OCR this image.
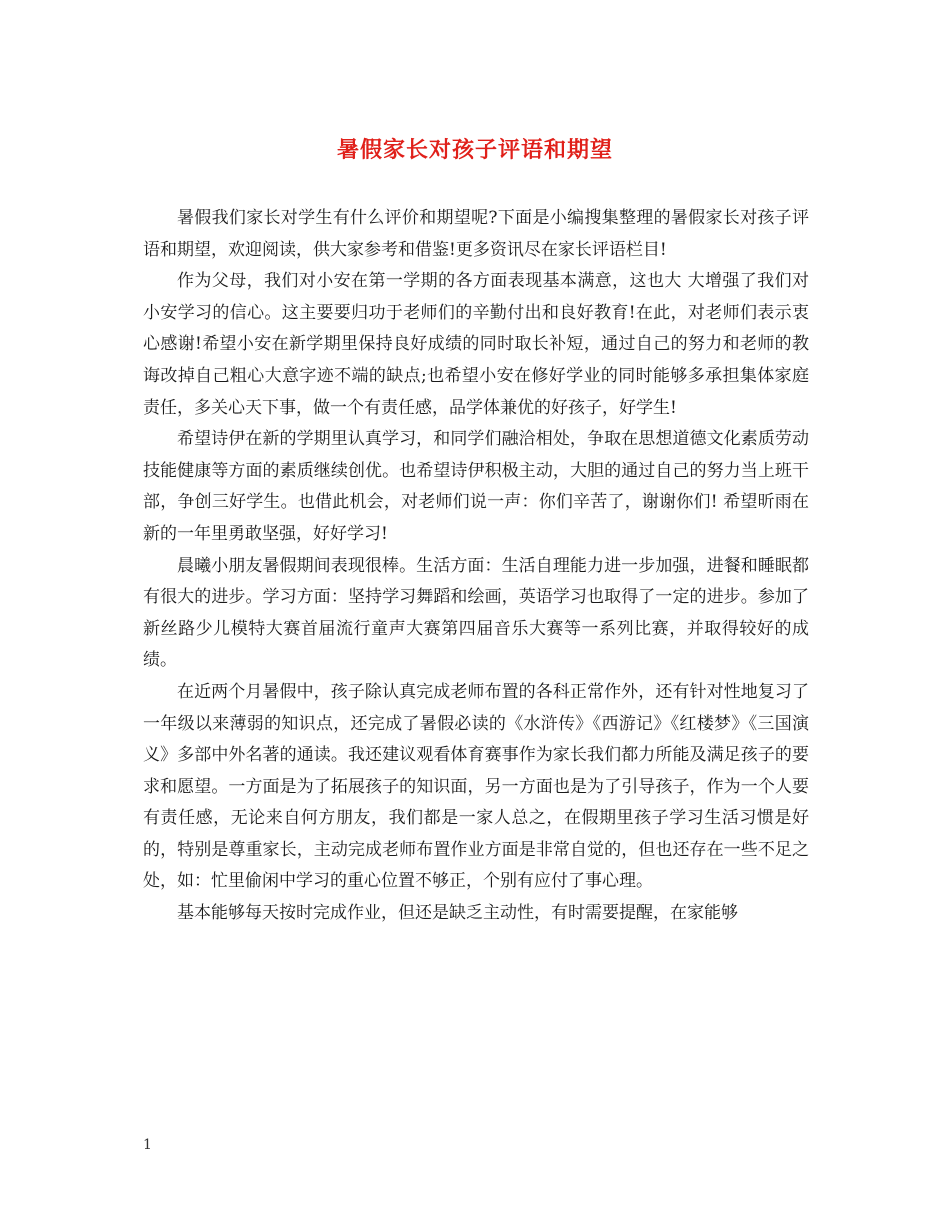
暑假家长对孩子评语和期望

暑假我们家长对学生有什么评价和期望呢?下面是小编搜集整理的暑假家长对孩子评语和期望，欢迎阅读，供大家参考和借鉴!更多资讯尽在家长评语栏目!

作为父母，我们对小安在第一学期的各方面表现基本满意，这也大 大增强了我们对小安学习的信心。这主要要归功于老师们的辛勤付出和良好教育!在此，对老师们表示衷心感谢!希望小安在新学期里保持良好成绩的同时取长补短，通过自己的努力和老师的教诲改掉自己粗心大意字迹不端的缺点;也希望小安在修好学业的同时能够多承担集体家庭责任，多关心天下事，做一个有责任感，品学体兼优的好孩子，好学生!

希望诗伊在新的学期里认真学习，和同学们融洽相处，争取在思想道德文化素质劳动技能健康等方面的素质继续创优。也希望诗伊积极主动，大胆的通过自己的努力当上班干部，争创三好学生。也借此机会，对老师们说一声：你们辛苦了，谢谢你们! 希望昕雨在新的一年里勇敢坚强，好好学习!

晨曦小朋友暑假期间表现很棒。生活方面：生活自理能力进一步加强，进餐和睡眠都有很大的进步。学习方面：坚持学习舞蹈和绘画，英语学习也取得了一定的进步。参加了新丝路少儿模特大赛首届流行童声大赛第四届音乐大赛等一系列比赛，并取得较好的成绩。

在近两个月暑假中，孩子除认真完成老师布置的各科正常作外，还有针对性地复习了一年级以来薄弱的知识点，还完成了暑假必读的《水浒传》《西游记》《红楼梦》《三国演义》多部中外名著的通读。我还建议观看体育赛事作为家长我们都力所能及满足孩子的要求和愿望。一方面是为了拓展孩子的知识面，另一方面也是为了引导孩子，作为一个人要有责任感，无论来自何方朋友，我们都是一家人总之，在假期里孩子学习生活习惯是好的，特别是尊重家长，主动完成老师布置作业方面是非常自觉的，但也还存在一些不足之处，如：忙里偷闲中学习的重心位置不够正，个别有应付了事心理。

基本能够每天按时完成作业，但还是缺乏主动性，有时需要提醒，在家能够

1
